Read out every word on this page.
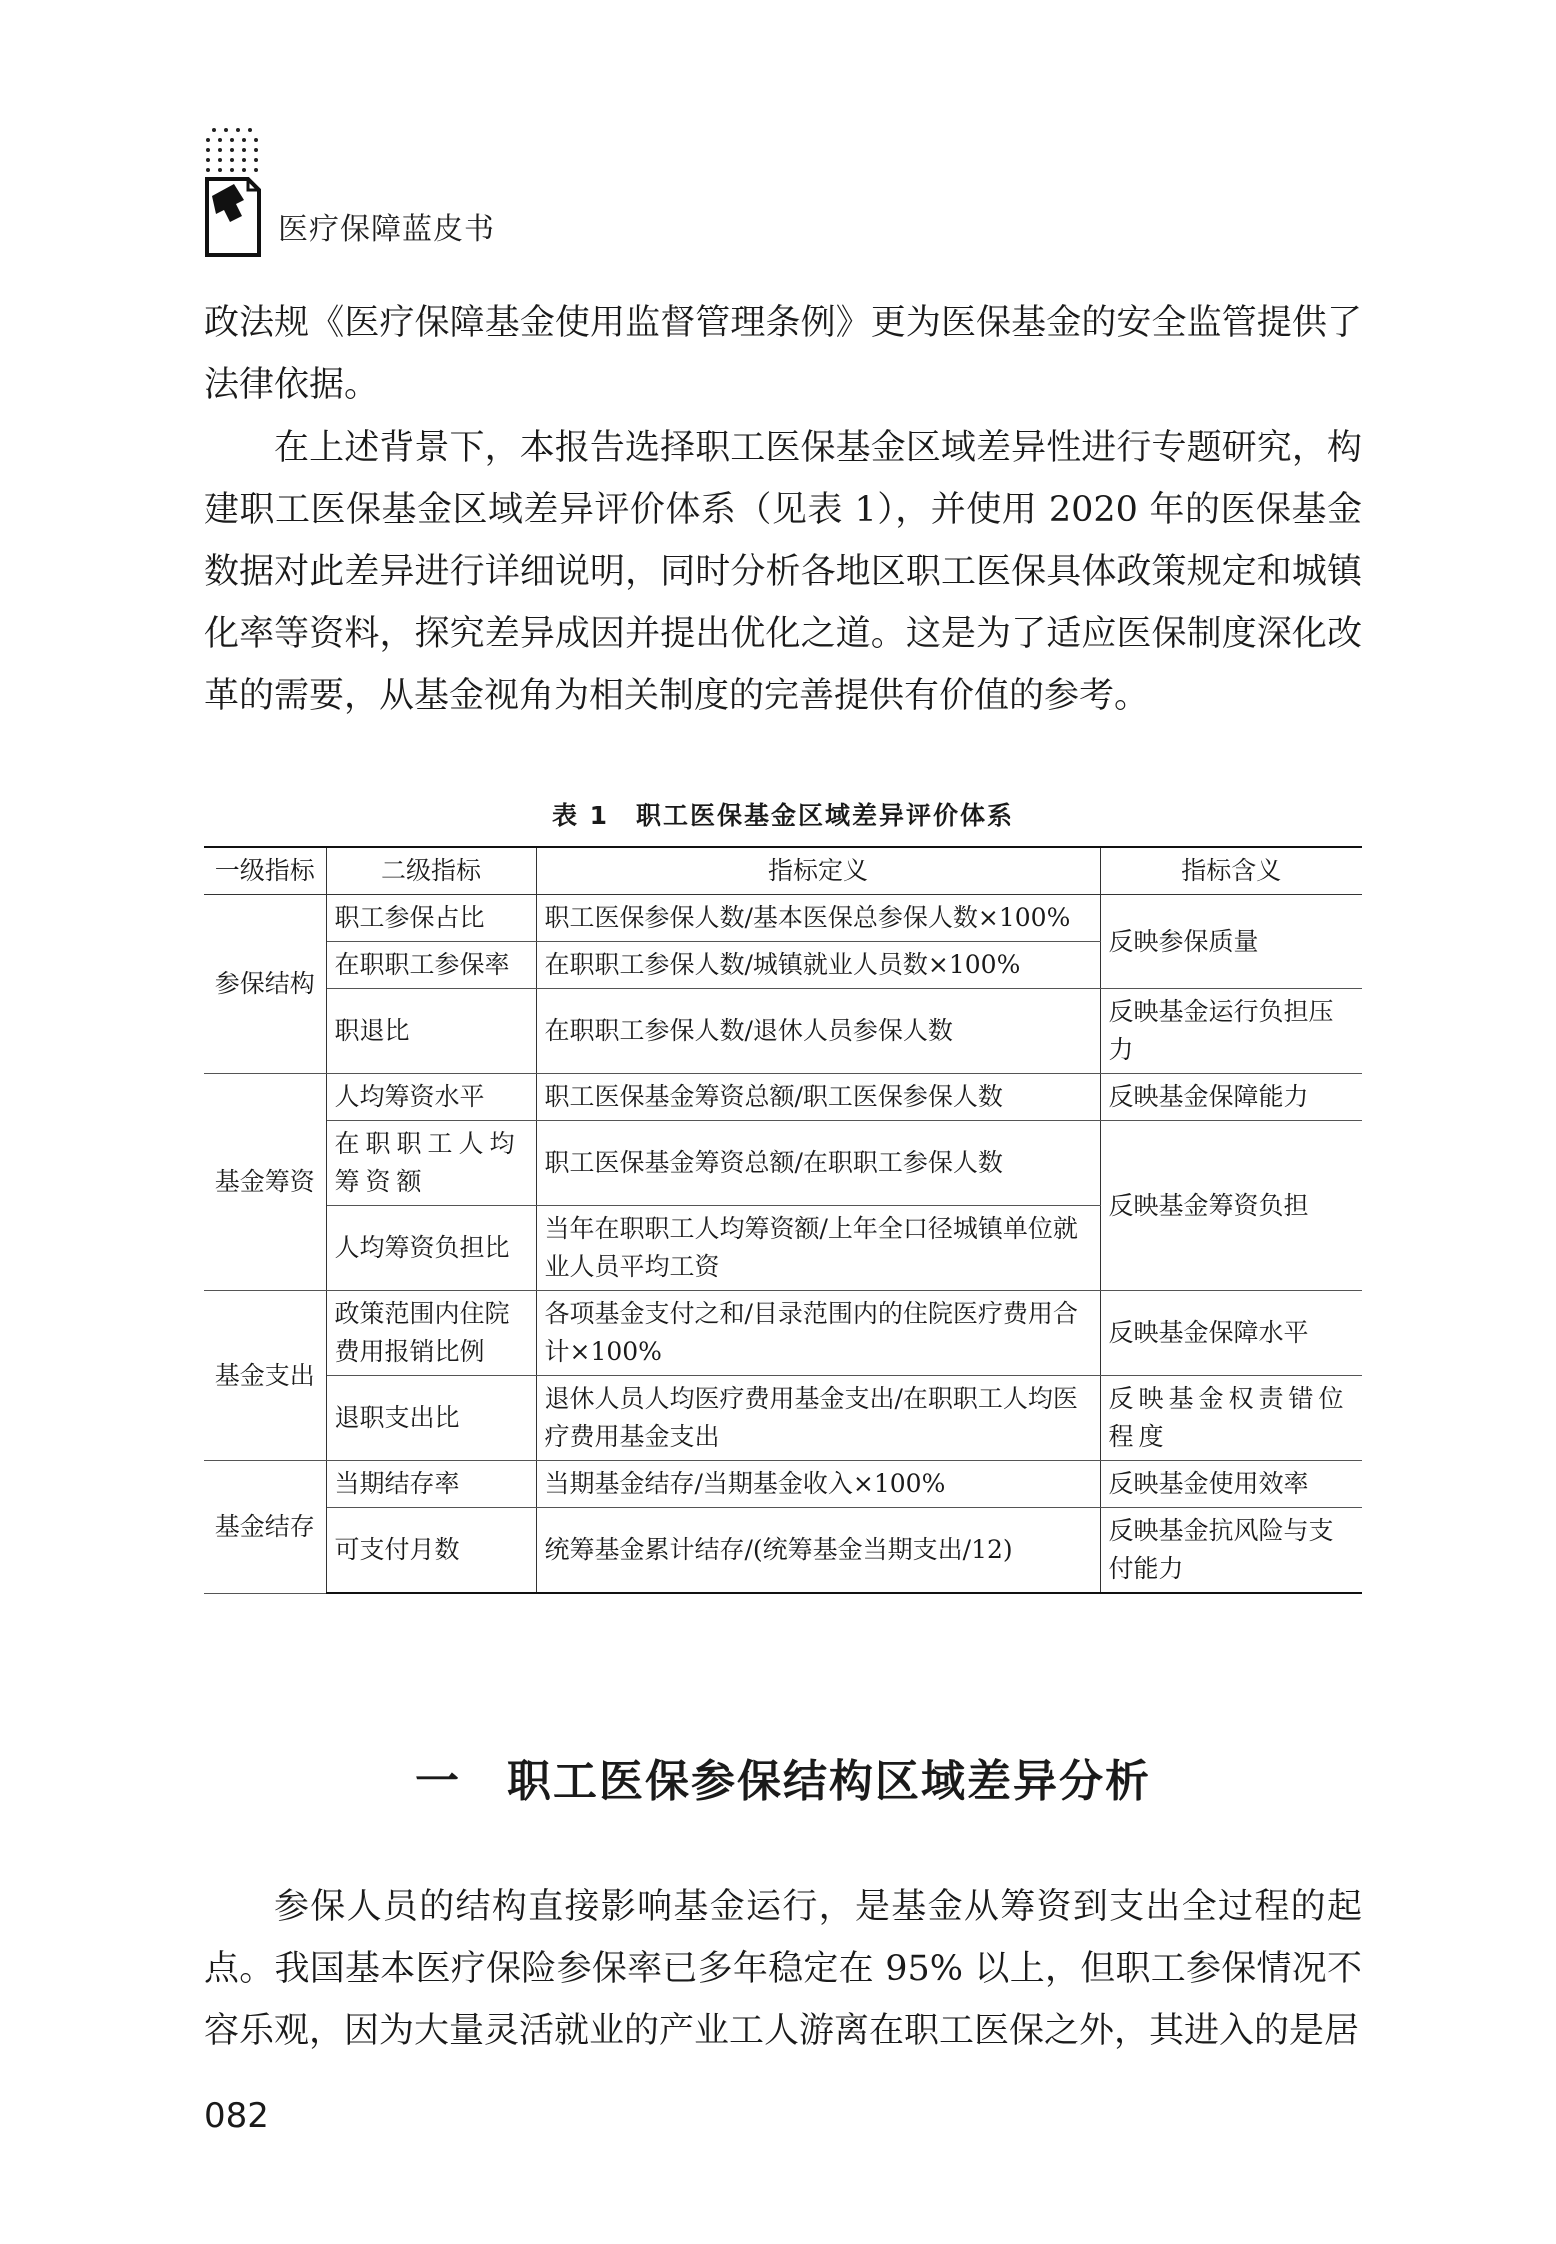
医疗保障蓝皮书

政法规《医疗保障基金使用监督管理条例》更为医保基金的安全监管提供了法律依据。

在上述背景下，本报告选择职工医保基金区域差异性进行专题研究，构建职工医保基金区域差异评价体系（见表 1），并使用 2020 年的医保基金数据对此差异进行详细说明，同时分析各地区职工医保具体政策规定和城镇化率等资料，探究差异成因并提出优化之道。这是为了适应医保制度深化改革的需要，从基金视角为相关制度的完善提供有价值的参考。

表 1　职工医保基金区域差异评价体系
一级指标	二级指标	指标定义	指标含义
参保结构	职工参保占比	职工医保参保人数/基本医保总参保人数×100%	反映参保质量
	在职职工参保率	在职职工参保人数/城镇就业人员数×100%	
	职退比	在职职工参保人数/退休人员参保人数	反映基金运行负担压力
基金筹资	人均筹资水平	职工医保基金筹资总额/职工医保参保人数	反映基金保障能力
	在职职工人均筹资额	职工医保基金筹资总额/在职职工参保人数	反映基金筹资负担
	人均筹资负担比	当年在职职工人均筹资额/上年全口径城镇单位就业人员平均工资	
基金支出	政策范围内住院费用报销比例	各项基金支付之和/目录范围内的住院医疗费用合计×100%	反映基金保障水平
	退职支出比	退休人员人均医疗费用基金支出/在职职工人均医疗费用基金支出	反映基金权责错位程度
基金结存	当期结存率	当期基金结存/当期基金收入×100%	反映基金使用效率
	可支付月数	统筹基金累计结存/(统筹基金当期支出/12)	反映基金抗风险与支付能力
一　职工医保参保结构区域差异分析

参保人员的结构直接影响基金运行，是基金从筹资到支出全过程的起点。我国基本医疗保险参保率已多年稳定在 95% 以上，但职工参保情况不容乐观，因为大量灵活就业的产业工人游离在职工医保之外，其进入的是居

082
